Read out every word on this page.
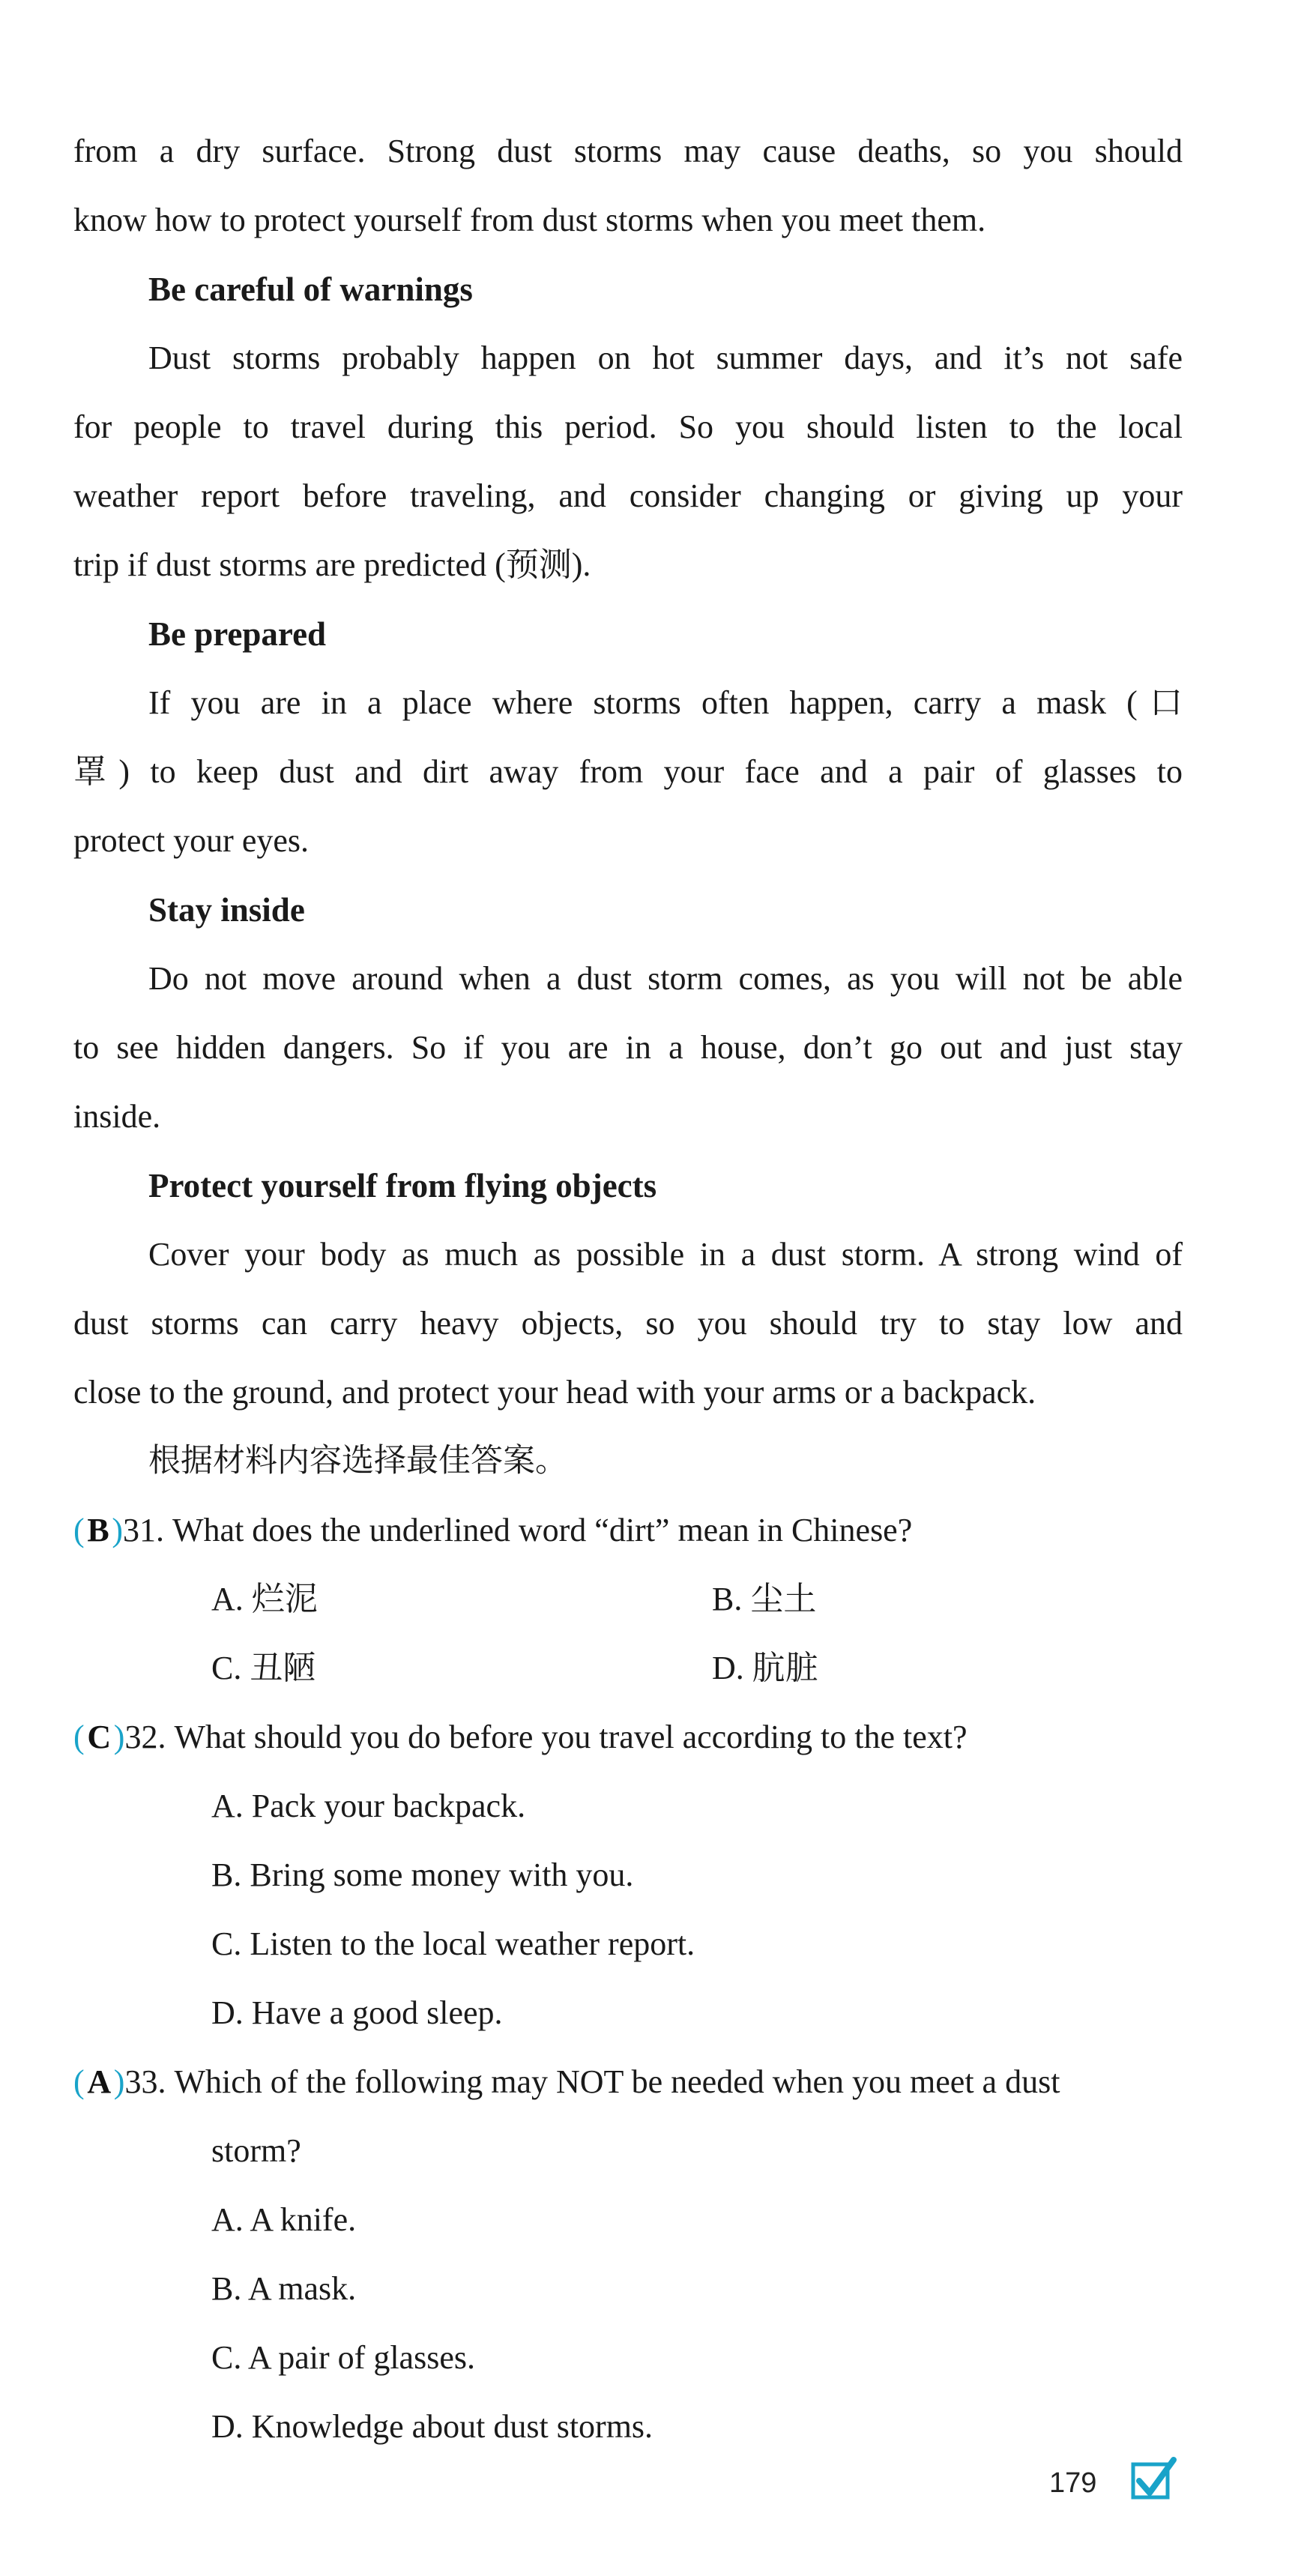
from a dry surface. Strong dust storms may cause deaths, so you should
know how to protect yourself from dust storms when you meet them.
Be careful of warnings
Dust storms probably happen on hot summer days, and it’s not safe
for people to travel during this period. So you should listen to the local
weather report before traveling, and consider changing or giving up your
trip if dust storms are predicted (预测).
Be prepared
If you are in a place where storms often happen, carry a mask (口
罩) to keep dust and dirt away from your face and a pair of glasses to
protect your eyes.
Stay inside
Do not move around when a dust storm comes, as you will not be able
to see hidden dangers. So if you are in a house, don’t go out and just stay
inside.
Protect yourself from flying objects
Cover your body as much as possible in a dust storm. A strong wind of
dust storms can carry heavy objects, so you should try to stay low and
close to the ground, and protect your head with your arms or a backpack.
根据材料内容选择最佳答案。
( B )31. What does the underlined word “dirt” mean in Chinese?
A. 烂泥	B. 尘土
C. 丑陋	D. 肮脏
( C )32. What should you do before you travel according to the text?
A. Pack your backpack.
B. Bring some money with you.
C. Listen to the local weather report.
D. Have a good sleep.
( A )33. Which of the following may NOT be needed when you meet a dust
storm?
A. A knife.
B. A mask.
C. A pair of glasses.
D. Knowledge about dust storms.
179
